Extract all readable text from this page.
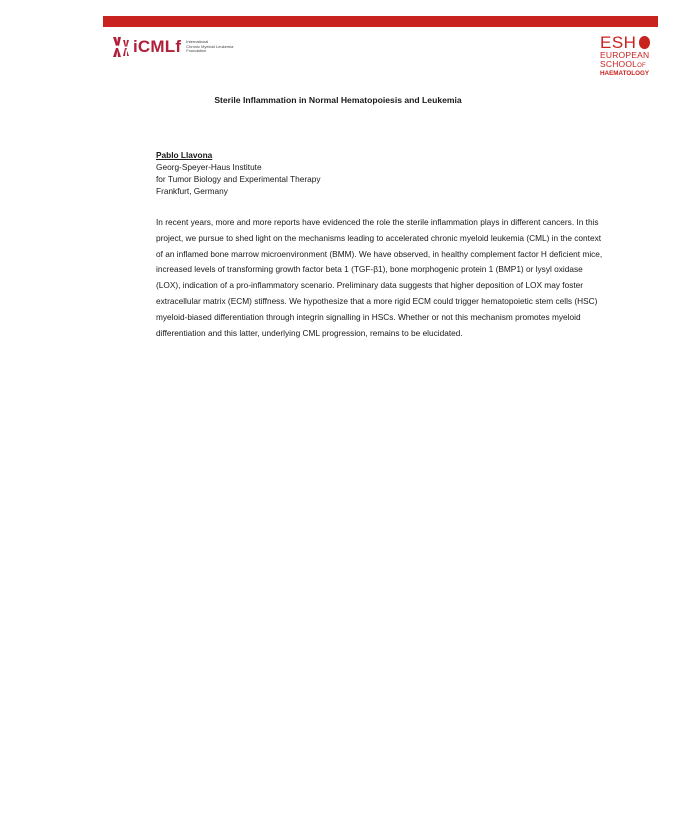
iCMLf International
Chronic Myeloid Leukemia
Foundation	ESH
EUROPEAN
SCHOOLOF
HAEMATOLOGY
Sterile Inflammation in Normal Hematopoiesis and Leukemia
Pablo Llavona
Georg-Speyer-Haus Institute
for Tumor Biology and Experimental Therapy
Frankfurt, Germany
In recent years, more and more reports have evidenced the role the sterile inflammation plays in different cancers. In this project, we pursue to shed light on the mechanisms leading to accelerated chronic myeloid leukemia (CML) in the context of an inflamed bone marrow microenvironment (BMM). We have observed, in healthy complement factor H deficient mice, increased levels of transforming growth factor beta 1 (TGF-β1), bone morphogenic protein 1 (BMP1) or lysyl oxidase (LOX), indication of a pro-inflammatory scenario. Preliminary data suggests that higher deposition of LOX may foster extracellular matrix (ECM) stiffness. We hypothesize that a more rigid ECM could trigger hematopoietic stem cells (HSC) myeloid-biased differentiation through integrin signalling in HSCs. Whether or not this mechanism promotes myeloid differentiation and this latter, underlying CML progression, remains to be elucidated.
